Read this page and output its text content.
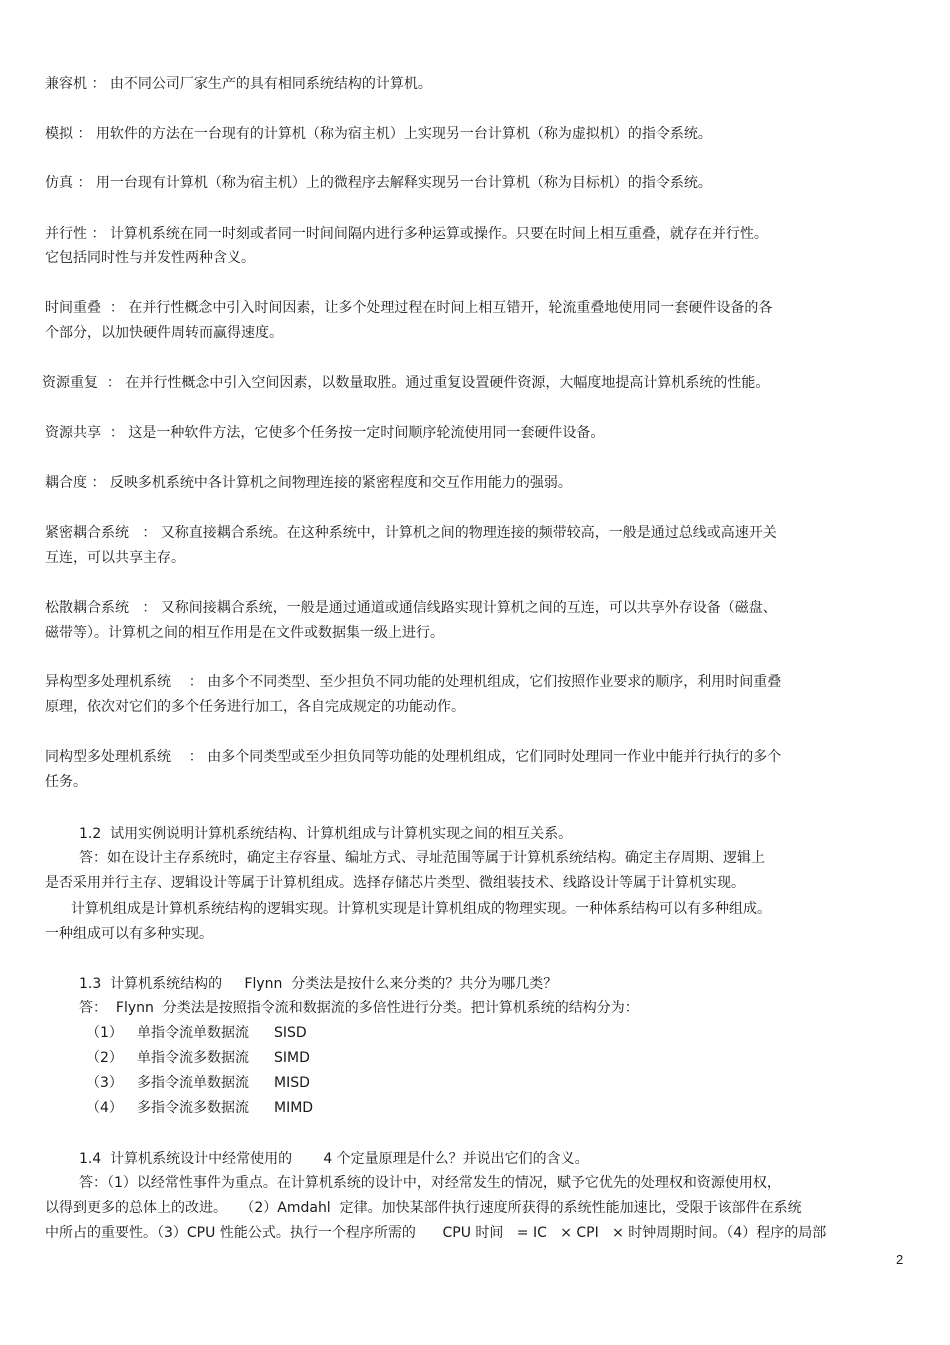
兼容机 ： 由不同公司厂家生产的具有相同系统结构的计算机。

模拟 ： 用软件的方法在一台现有的计算机（称为宿主机）上实现另一台计算机（称为虚拟机）的指令系统。

仿真 ： 用一台现有计算机（称为宿主机）上的微程序去解释实现另一台计算机（称为目标机）的指令系统。

并行性 ： 计算机系统在同一时刻或者同一时间间隔内进行多种运算或操作。只要在时间上相互重叠，就存在并行性。

它包括同时性与并发性两种含义。

时间重叠  ： 在并行性概念中引入时间因素，让多个处理过程在时间上相互错开，轮流重叠地使用同一套硬件设备的各

个部分，以加快硬件周转而赢得速度。

资源重复  ： 在并行性概念中引入空间因素，以数量取胜。通过重复设置硬件资源，大幅度地提高计算机系统的性能。

资源共享  ： 这是一种软件方法，它使多个任务按一定时间顺序轮流使用同一套硬件设备。

耦合度 ： 反映多机系统中各计算机之间物理连接的紧密程度和交互作用能力的强弱。

紧密耦合系统   ： 又称直接耦合系统。在这种系统中，计算机之间的物理连接的频带较高，一般是通过总线或高速开关

互连，可以共享主存。

松散耦合系统   ： 又称间接耦合系统，一般是通过通道或通信线路实现计算机之间的互连，可以共享外存设备（磁盘、

磁带等）。计算机之间的相互作用是在文件或数据集一级上进行。

异构型多处理机系统    ： 由多个不同类型、至少担负不同功能的处理机组成，它们按照作业要求的顺序，利用时间重叠

原理，依次对它们的多个任务进行加工，各自完成规定的功能动作。

同构型多处理机系统    ： 由多个同类型或至少担负同等功能的处理机组成，它们同时处理同一作业中能并行执行的多个

任务。

1.2  试用实例说明计算机系统结构、计算机组成与计算机实现之间的相互关系。

答：如在设计主存系统时，确定主存容量、编址方式、寻址范围等属于计算机系统结构。确定主存周期、逻辑上

是否采用并行主存、逻辑设计等属于计算机组成。选择存储芯片类型、微组装技术、线路设计等属于计算机实现。

计算机组成是计算机系统结构的逻辑实现。计算机实现是计算机组成的物理实现。一种体系结构可以有多种组成。

一种组成可以有多种实现。

1.3  计算机系统结构的     Flynn  分类法是按什么来分类的？共分为哪几类？

答：  Flynn  分类法是按照指令流和数据流的多倍性进行分类。把计算机系统的结构分为：

（1） 单指令流单数据流 SISD

（2） 单指令流多数据流 SIMD

（3） 多指令流单数据流 MISD

（4） 多指令流多数据流 MIMD

1.4  计算机系统设计中经常使用的       4 个定量原理是什么？并说出它们的含义。

答：（1）以经常性事件为重点。在计算机系统的设计中，对经常发生的情况，赋予它优先的处理权和资源使用权，

以得到更多的总体上的改进。   （2）Amdahl  定律。加快某部件执行速度所获得的系统性能加速比，受限于该部件在系统

中所占的重要性。（3）CPU 性能公式。执行一个程序所需的      CPU 时间   = IC   × CPI   × 时钟周期时间。（4）程序的局部

2
